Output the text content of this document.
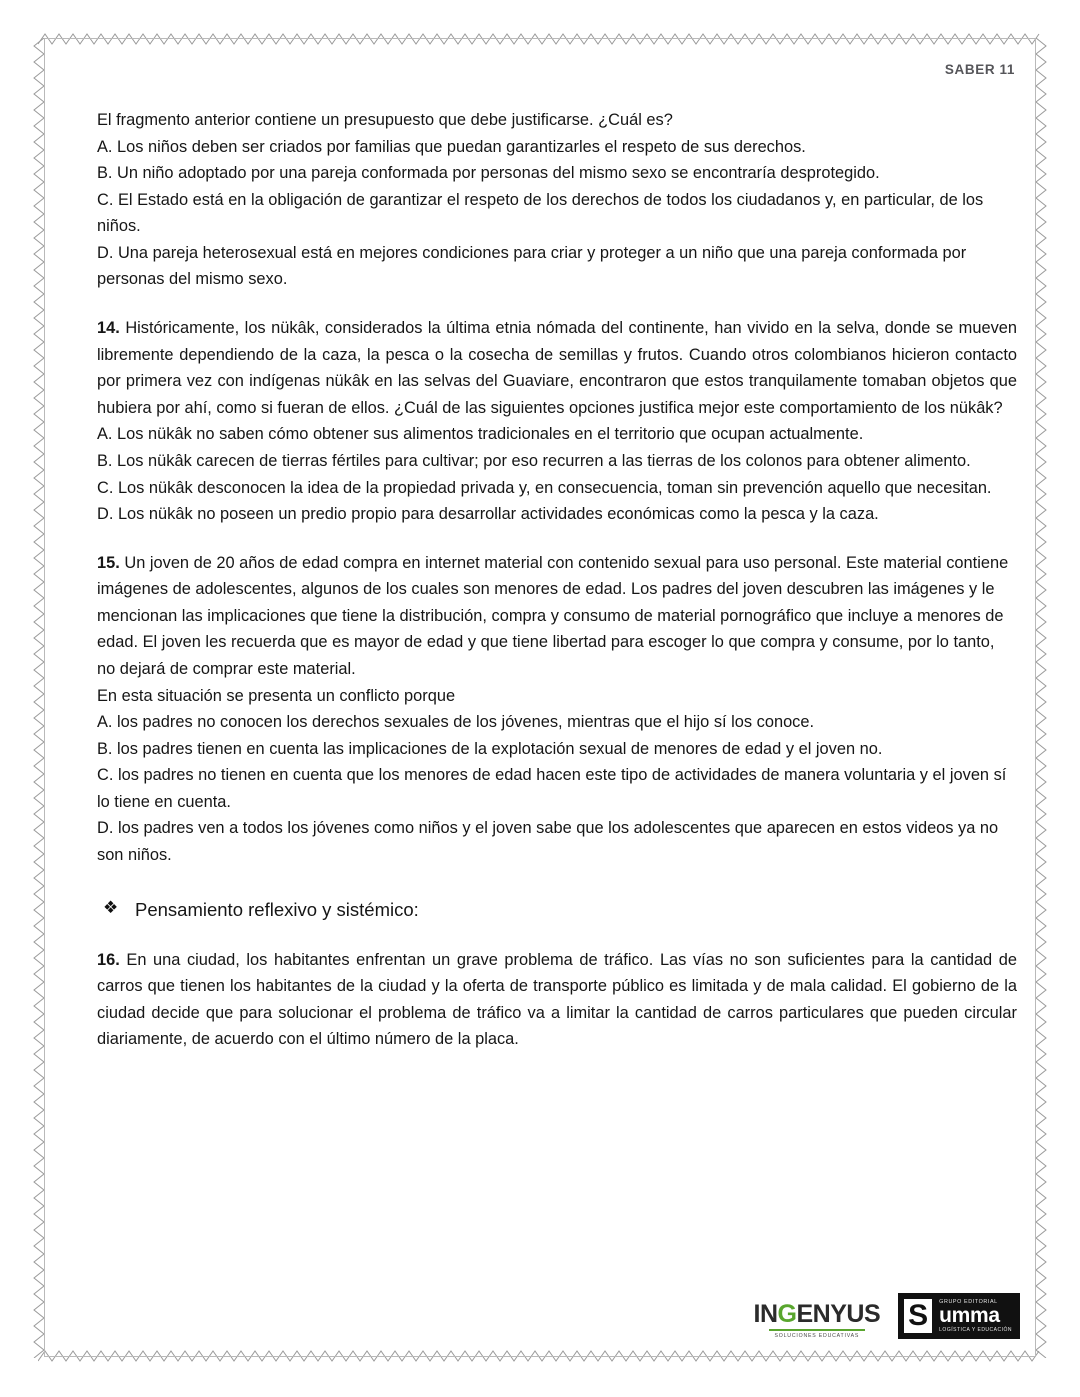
SABER 11

El fragmento anterior contiene un presupuesto que debe justificarse. ¿Cuál es?

A. Los niños deben ser criados por familias que puedan garantizarles el respeto de sus derechos.

B. Un niño adoptado por una pareja conformada por personas del mismo sexo se encontraría desprotegido.

C. El Estado está en la obligación de garantizar el respeto de los derechos de todos los ciudadanos y, en particular, de los niños.

D. Una pareja heterosexual está en mejores condiciones para criar y proteger a un niño que una pareja conformada por personas del mismo sexo.

14. Históricamente, los nükâk, considerados la última etnia nómada del continente, han vivido en la selva, donde se mueven libremente dependiendo de la caza, la pesca o la cosecha de semillas y frutos. Cuando otros colombianos hicieron contacto por primera vez con indígenas nükâk en las selvas del Guaviare, encontraron que estos tranquilamente tomaban objetos que hubiera por ahí, como si fueran de ellos. ¿Cuál de las siguientes opciones justifica mejor este comportamiento de los nükâk?

A. Los nükâk no saben cómo obtener sus alimentos tradicionales en el territorio que ocupan actualmente.

B. Los nükâk carecen de tierras fértiles para cultivar; por eso recurren a las tierras de los colonos para obtener alimento.

C. Los nükâk desconocen la idea de la propiedad privada y, en consecuencia, toman sin prevención aquello que necesitan.

D. Los nükâk no poseen un predio propio para desarrollar actividades económicas como la pesca y la caza.

15. Un joven de 20 años de edad compra en internet material con contenido sexual para uso personal. Este material contiene imágenes de adolescentes, algunos de los cuales son menores de edad. Los padres del joven descubren las imágenes y le mencionan las implicaciones que tiene la distribución, compra y consumo de material pornográfico que incluye a menores de edad. El joven les recuerda que es mayor de edad y que tiene libertad para escoger lo que compra y consume, por lo tanto, no dejará de comprar este material.

En esta situación se presenta un conflicto porque

A. los padres no conocen los derechos sexuales de los jóvenes, mientras que el hijo sí los conoce.

B. los padres tienen en cuenta las implicaciones de la explotación sexual de menores de edad y el joven no.

C. los padres no tienen en cuenta que los menores de edad hacen este tipo de actividades de manera voluntaria y el joven sí lo tiene en cuenta.

D. los padres ven a todos los jóvenes como niños y el joven sabe que los adolescentes que aparecen en estos videos ya no son niños.

❖ Pensamiento reflexivo y sistémico:

16. En una ciudad, los habitantes enfrentan un grave problema de tráfico. Las vías no son suficientes para la cantidad de carros que tienen los habitantes de la ciudad y la oferta de transporte público es limitada y de mala calidad. El gobierno de la ciudad decide que para solucionar el problema de tráfico va a limitar la cantidad de carros particulares que pueden circular diariamente, de acuerdo con el último número de la placa.

INGENYUS
SOLUCIONES EDUCATIVAS
S	GRUPO EDITORIAL
umma
LOGÍSTICA Y EDUCACIÓN
